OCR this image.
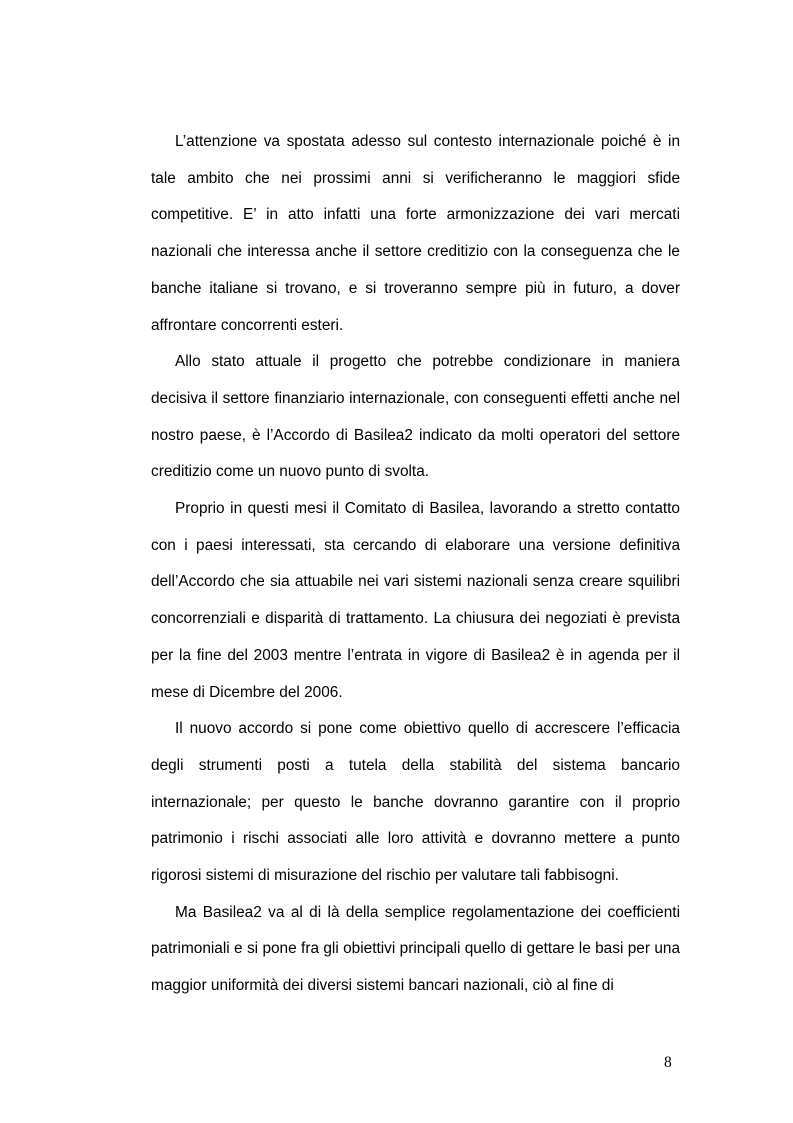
L’attenzione va spostata adesso sul contesto internazionale poiché è in tale ambito che nei prossimi anni si verificheranno le maggiori sfide competitive. E’ in atto infatti una forte armonizzazione dei vari mercati nazionali che interessa anche il settore creditizio con la conseguenza che le banche italiane si trovano, e si troveranno sempre più in futuro, a dover affrontare concorrenti esteri.

Allo stato attuale il progetto che potrebbe condizionare in maniera decisiva il settore finanziario internazionale, con conseguenti effetti anche nel nostro paese, è l’Accordo di Basilea2 indicato da molti operatori del settore creditizio come un nuovo punto di svolta.

Proprio in questi mesi il Comitato di Basilea, lavorando a stretto contatto con i paesi interessati, sta cercando di elaborare una versione definitiva dell’Accordo che sia attuabile nei vari sistemi nazionali senza creare squilibri concorrenziali e disparità di trattamento. La chiusura dei negoziati è prevista per la fine del 2003 mentre l’entrata in vigore di Basilea2 è in agenda per il mese di Dicembre del 2006.

Il nuovo accordo si pone come obiettivo quello di accrescere l’efficacia degli strumenti posti a tutela della stabilità del sistema bancario internazionale; per questo le banche dovranno garantire con il proprio patrimonio i rischi associati alle loro attività e dovranno mettere a punto rigorosi sistemi di misurazione del rischio per valutare tali fabbisogni.

Ma Basilea2 va al di là della semplice regolamentazione dei coefficienti patrimoniali e si pone fra gli obiettivi principali quello di gettare le basi per una maggior uniformità dei diversi sistemi bancari nazionali, ciò al fine di

8
